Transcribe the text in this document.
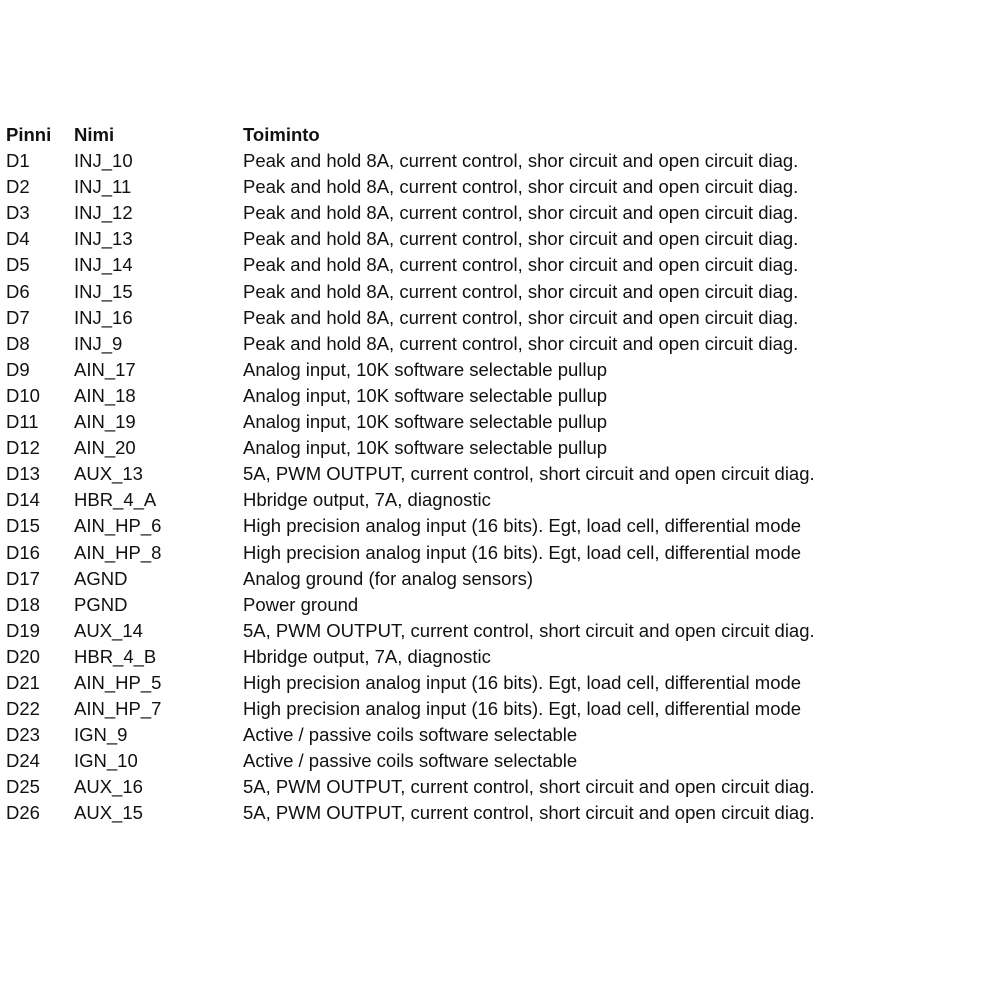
Pinni	Nimi	Toiminto
D1	INJ_10	Peak and hold 8A, current control, shor circuit and open circuit diag.
D2	INJ_11	Peak and hold 8A, current control, shor circuit and open circuit diag.
D3	INJ_12	Peak and hold 8A, current control, shor circuit and open circuit diag.
D4	INJ_13	Peak and hold 8A, current control, shor circuit and open circuit diag.
D5	INJ_14	Peak and hold 8A, current control, shor circuit and open circuit diag.
D6	INJ_15	Peak and hold 8A, current control, shor circuit and open circuit diag.
D7	INJ_16	Peak and hold 8A, current control, shor circuit and open circuit diag.
D8	INJ_9	Peak and hold 8A, current control, shor circuit and open circuit diag.
D9	AIN_17	Analog input, 10K software selectable pullup
D10	AIN_18	Analog input, 10K software selectable pullup
D11	AIN_19	Analog input, 10K software selectable pullup
D12	AIN_20	Analog input, 10K software selectable pullup
D13	AUX_13	5A, PWM OUTPUT, current control, short circuit and open circuit diag.
D14	HBR_4_A	Hbridge output, 7A, diagnostic
D15	AIN_HP_6	High precision analog input (16 bits). Egt, load cell, differential mode
D16	AIN_HP_8	High precision analog input (16 bits). Egt, load cell, differential mode
D17	AGND	Analog ground (for analog sensors)
D18	PGND	Power ground
D19	AUX_14	5A, PWM OUTPUT, current control, short circuit and open circuit diag.
D20	HBR_4_B	Hbridge output, 7A, diagnostic
D21	AIN_HP_5	High precision analog input (16 bits). Egt, load cell, differential mode
D22	AIN_HP_7	High precision analog input (16 bits). Egt, load cell, differential mode
D23	IGN_9	Active / passive coils software selectable
D24	IGN_10	Active / passive coils software selectable
D25	AUX_16	5A, PWM OUTPUT, current control, short circuit and open circuit diag.
D26	AUX_15	5A, PWM OUTPUT, current control, short circuit and open circuit diag.
